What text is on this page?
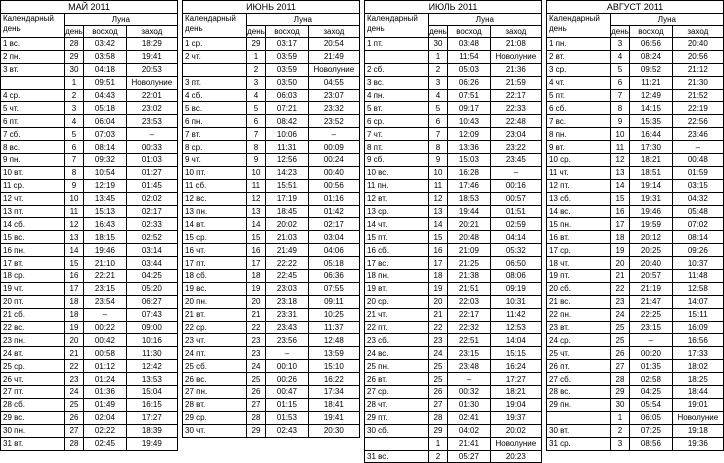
МАЙ 2011			
Календарный день	Луна		
	день	восход	заход
1 вс.	28	03:42	18:29
2 пн.	29	03:58	19:41
3 вт.	30	04:18	20:53
	1	09:51	Новолуние
4 ср.	2	04:43	22:01
5 чт.	3	05:18	23:02
6 пт.	4	06:04	23:53
7 сб.	5	07:03	–
8 вс.	6	08:14	00:33
9 пн.	7	09:32	01:03
10 вт.	8	10:54	01:27
11 ср.	9	12:19	01:45
12 чт.	10	13:45	02:02
13 пт.	11	15:13	02:17
14 сб.	12	16:43	02:33
15 вс.	13	18:15	02:52
16 пн.	14	19:46	03:14
17 вт.	15	21:10	03:44
18 ср.	16	22:21	04:25
19 чт.	17	23:15	05:20
20 пт.	18	23:54	06:27
21 сб.	18	–	07:43
22 вс.	19	00:22	09:00
23 пн.	20	00:42	10:16
24 вт.	21	00:58	11:30
25 ср.	22	01:12	12:42
26 чт.	23	01:24	13:53
27 пт.	24	01:36	15:04
28 сб.	25	01:49	16:15
29 вс.	26	02:04	17:27
30 пн.	27	02:22	18:39
31 вт.	28	02:45	19:49
ИЮНЬ 2011			
Календарный день	Луна		
	день	восход	заход
1 ср.	29	03:17	20:54
2 чт.	1	03:59	21:49
	2	03:59	Новолуние
3 пт.	3	03:50	04:55
4 сб.	4	06:03	23:07
5 вс.	5	07:21	23:32
6 пн.	6	08:42	23:52
7 вт.	7	10:06	–
8 ср.	8	11:31	00:09
9 чт.	9	12:56	00:24
10 пт.	10	14:23	00:40
11 сб.	11	15:51	00:56
12 вс.	12	17:19	01:16
13 пн.	13	18:45	01:42
14 вт.	14	20:02	02:17
15 ср.	15	21:03	03:04
16 чт.	16	21:49	04:06
17 пт.	17	22:22	05:18
18 сб.	18	22:45	06:36
19 вс.	19	23:03	07:55
20 пн.	20	23:18	09:11
21 вт.	21	23:31	10:25
22 ср.	22	23:43	11:37
23 чт.	23	23:56	12:48
24 пт.	23	–	13:59
25 сб.	24	00:10	15:10
26 вс.	25	00:26	16:22
27 пн.	26	00:47	17:34
28 вт.	27	01:15	18:41
29 ср.	28	01:53	19:41
30 чт.	29	02:43	20:30
ИЮЛЬ 2011			
Календарный день	Луна		
	день	восход	заход
1 пт.	30	03:48	21:08
	1	11:54	Новолуние
2 сб.	2	05:03	21:36
3 вс.	3	06:26	21:59
4 пн.	4	07:51	22:17
5 вт.	5	09:17	22:33
6 ср.	6	10:43	22:48
7 чт.	7	12:09	23:04
8 пт.	8	13:36	23:22
9 сб.	9	15:03	23:45
10 вс.	10	16:28	–
11 пн.	11	17:46	00:16
12 вт.	12	18:53	00:57
13 ср.	13	19:44	01:51
14 чт.	14	20:21	02:59
15 пт.	15	20:48	04:14
16 сб.	16	21:09	05:32
17 вс.	17	21:25	06:50
18 пн.	18	21:38	08:06
19 вт.	19	21:51	09:19
20 ср.	20	22:03	10:31
21 чт.	21	22:17	11:42
22 пт.	22	22:32	12:53
23 сб.	23	22:51	14:04
24 вс.	24	23:15	15:15
25 пн.	25	23:48	16:24
26 вт.	25	–	17:27
27 ср.	26	00:32	18:21
28 чт.	27	01:30	19:04
29 пт.	28	02:41	19:37
30 сб.	29	04:02	20:02
	1	21:41	Новолуние
31 вс.	2	05:27	20:23
АВГУСТ 2011			
Календарный день	Луна		
	день	восход	заход
1 пн.	3	06:56	20:40
2 вт.	4	08:24	20:56
3 ср.	5	09:52	21:12
4 чт.	6	11:21	21:30
5 пт.	7	12:49	21:52
6 сб.	8	14:15	22:19
7 вс.	9	15:35	22:56
8 пн.	10	16:44	23:46
9 вт.	11	17:30	–
10 ср.	12	18:21	00:48
11 чт.	13	18:51	01:59
12 пт.	14	19:14	03:15
13 сб.	15	19:31	04:32
14 вс.	16	19:46	05:48
15 пн.	17	19:59	07:02
16 вт.	18	20:12	08:14
17 ср.	19	20:25	09:26
18 чт.	20	20:40	10:37
19 пт.	21	20:57	11:48
20 сб.	22	21:19	12:58
21 вс.	23	21:47	14:07
22 пн.	24	22:25	15:11
23 вт.	25	23:15	16:09
24 ср.	25	–	16:56
25 чт.	26	00:20	17:33
26 пт.	27	01:35	18:02
27 сб.	28	02:58	18:25
28 вс.	29	04:25	18:44
29 пн.	30	05:54	19:01
	1	06:05	Новолуние
30 вт.	2	07:25	19:18
31 ср.	3	08:56	19:36
